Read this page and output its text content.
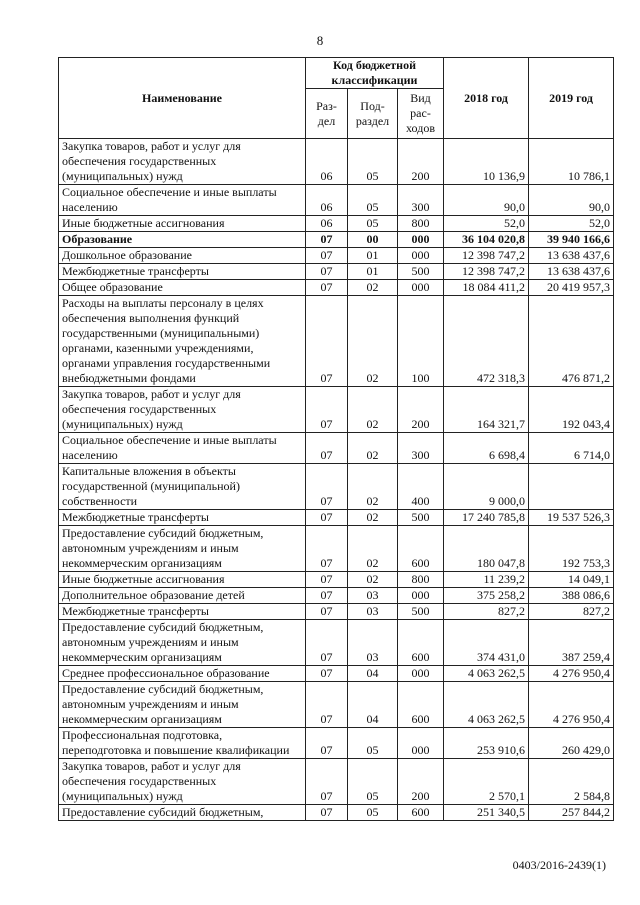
8
Наименование	Код бюджетной классификации			2018 год	2019 год
	Раз-дел	Под-раздел	Вид рас-ходов		
Закупка товаров, работ и услуг для обеспечения государственных (муниципальных) нужд	06	05	200	10 136,9	10 786,1
Социальное обеспечение и иные выплаты населению	06	05	300	90,0	90,0
Иные бюджетные ассигнования	06	05	800	52,0	52,0
Образование	07	00	000	36 104 020,8	39 940 166,6
Дошкольное образование	07	01	000	12 398 747,2	13 638 437,6
Межбюджетные трансферты	07	01	500	12 398 747,2	13 638 437,6
Общее образование	07	02	000	18 084 411,2	20 419 957,3
Расходы на выплаты персоналу в целях обеспечения выполнения функций государственными (муниципальными) органами, казенными учреждениями, органами управления государственными внебюджетными фондами	07	02	100	472 318,3	476 871,2
Закупка товаров, работ и услуг для обеспечения государственных (муниципальных) нужд	07	02	200	164 321,7	192 043,4
Социальное обеспечение и иные выплаты населению	07	02	300	6 698,4	6 714,0
Капитальные вложения в объекты государственной (муниципальной) собственности	07	02	400	9 000,0	
Межбюджетные трансферты	07	02	500	17 240 785,8	19 537 526,3
Предоставление субсидий бюджетным, автономным учреждениям и иным некоммерческим организациям	07	02	600	180 047,8	192 753,3
Иные бюджетные ассигнования	07	02	800	11 239,2	14 049,1
Дополнительное образование детей	07	03	000	375 258,2	388 086,6
Межбюджетные трансферты	07	03	500	827,2	827,2
Предоставление субсидий бюджетным, автономным учреждениям и иным некоммерческим организациям	07	03	600	374 431,0	387 259,4
Среднее профессиональное образование	07	04	000	4 063 262,5	4 276 950,4
Предоставление субсидий бюджетным, автономным учреждениям и иным некоммерческим организациям	07	04	600	4 063 262,5	4 276 950,4
Профессиональная подготовка, переподготовка и повышение квалификации	07	05	000	253 910,6	260 429,0
Закупка товаров, работ и услуг для обеспечения государственных (муниципальных) нужд	07	05	200	2 570,1	2 584,8
Предоставление субсидий бюджетным,	07	05	600	251 340,5	257 844,2
0403/2016-2439(1)
